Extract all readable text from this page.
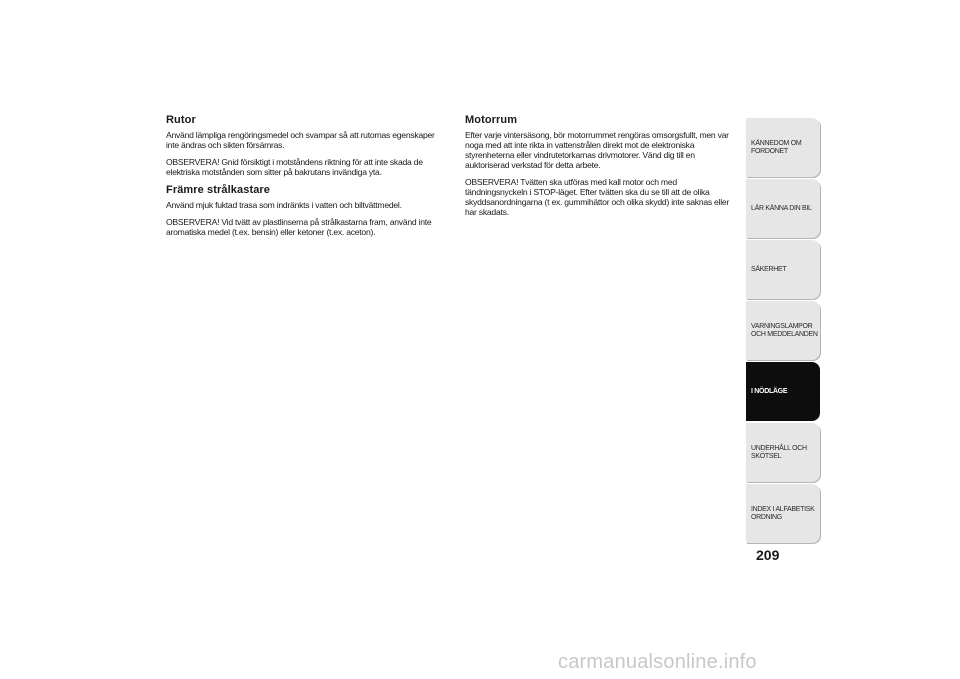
Rutor
Använd lämpliga rengöringsmedel och svampar så att rutornas egenskaper inte ändras och sikten försämras.
OBSERVERA! Gnid försiktigt i motståndens riktning för att inte skada de elektriska motstånden som sitter på bakrutans invändiga yta.
Främre strålkastare
Använd mjuk fuktad trasa som indränkts i vatten och biltvättmedel.
OBSERVERA! Vid tvätt av plastlinserna på strålkastarna fram, använd inte aromatiska medel (t.ex. bensin) eller ketoner (t.ex. aceton).
Motorrum
Efter varje vintersäsong, bör motorrummet rengöras omsorgsfullt, men var noga med att inte rikta in vattenstrålen direkt mot de elektroniska styrenheterna eller vindrutetorkarnas drivmotorer. Vänd dig till en auktoriserad verkstad för detta arbete.
OBSERVERA! Tvätten ska utföras med kall motor och med tändningsnyckeln i STOP-läget. Efter tvätten ska du se till att de olika skyddsanordningarna (t ex. gummihättor och olika skydd) inte saknas eller har skadats.
KÄNNEDOM OM FORDONET
LÄR KÄNNA DIN BIL
SÄKERHET
VARNINGSLAMPOR OCH MEDDELANDEN
I NÖDLÄGE
UNDERHÅLL OCH SKÖTSEL
INDEX I ALFABETISK ORDNING
209
carmanualsonline.info
